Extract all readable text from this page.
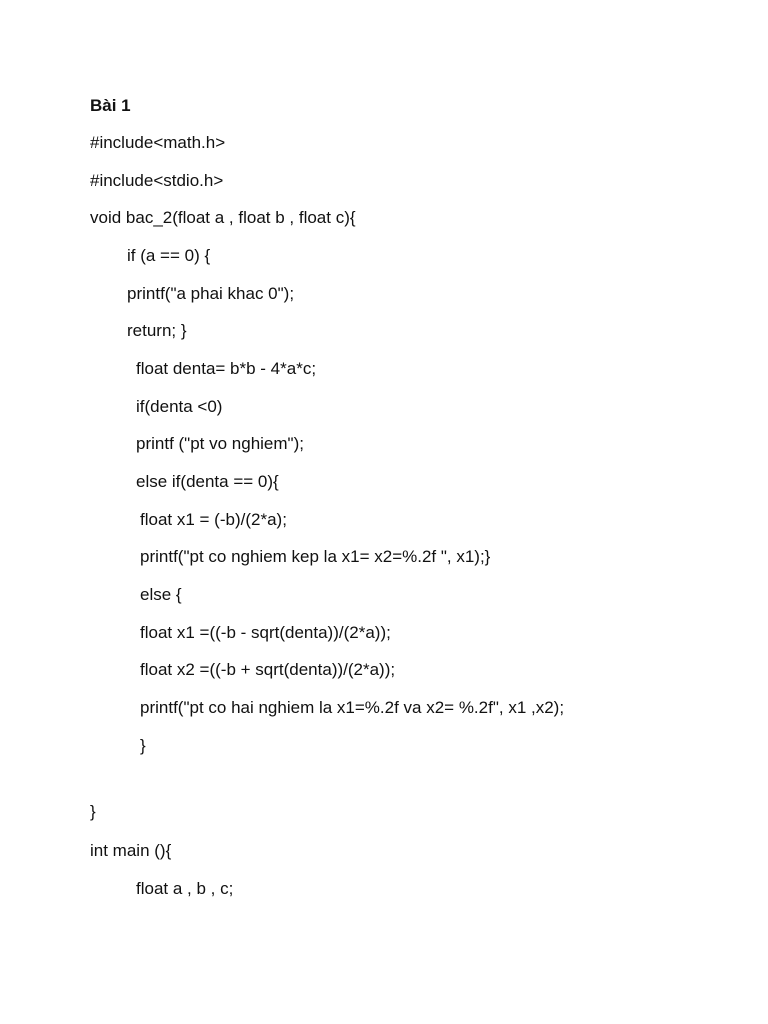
Bài 1
#include<math.h>
#include<stdio.h>
void bac_2(float a , float b , float c){
if (a == 0) {
printf("a phai khac 0");
return; }
float denta= b*b - 4*a*c;
if(denta <0)
printf ("pt vo nghiem");
else if(denta == 0){
float x1 = (-b)/(2*a);
printf("pt co nghiem kep la x1= x2=%.2f ", x1);}
else {
float x1 =((-b - sqrt(denta))/(2*a));
float x2 =((-b + sqrt(denta))/(2*a));
printf("pt co hai nghiem la x1=%.2f va x2= %.2f", x1 ,x2);
}
}
int main (){
float a , b , c;
